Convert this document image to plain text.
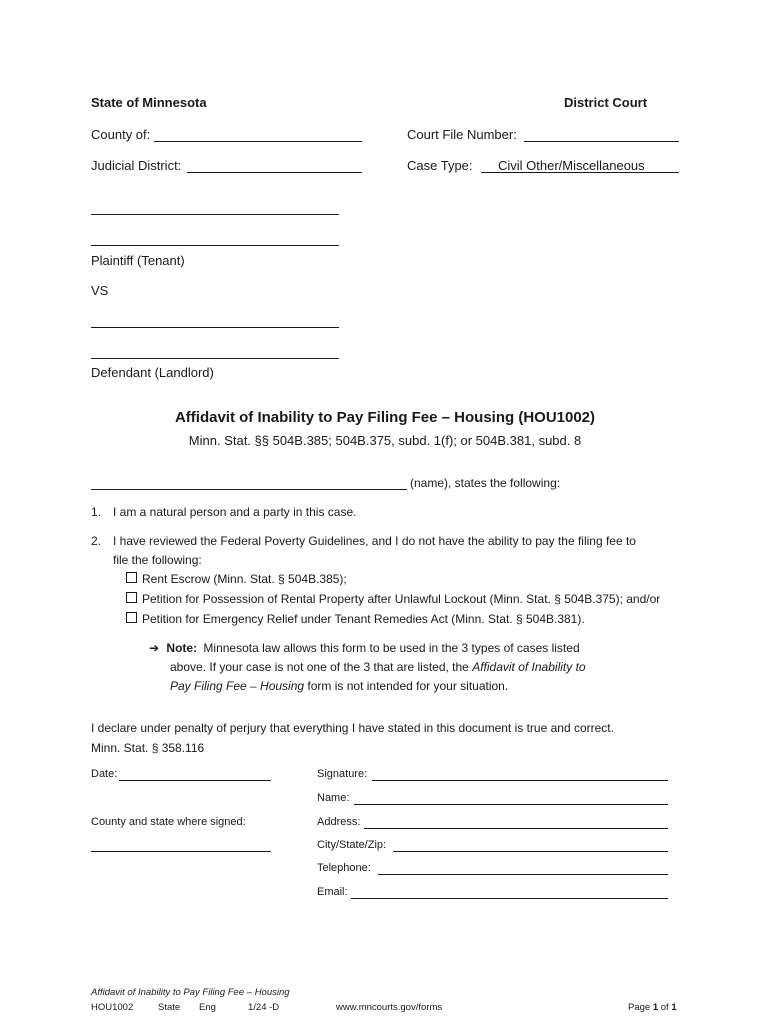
State of Minnesota	District Court
County of:	Court File Number:
Judicial District:	Case Type: Civil Other/Miscellaneous
Plaintiff (Tenant)
VS
Defendant (Landlord)
Affidavit of Inability to Pay Filing Fee – Housing (HOU1002)
Minn. Stat. §§ 504B.385; 504B.375, subd. 1(f); or 504B.381, subd. 8
(name), states the following:
1. I am a natural person and a party in this case.
2. I have reviewed the Federal Poverty Guidelines, and I do not have the ability to pay the filing fee to
file the following:
Rent Escrow (Minn. Stat. § 504B.385);
Petition for Possession of Rental Property after Unlawful Lockout (Minn. Stat. § 504B.375); and/or
Petition for Emergency Relief under Tenant Remedies Act (Minn. Stat. § 504B.381).
➔ Note: Minnesota law allows this form to be used in the 3 types of cases listed
above. If your case is not one of the 3 that are listed, the Affidavit of Inability to
Pay Filing Fee – Housing form is not intended for your situation.
I declare under penalty of perjury that everything I have stated in this document is true and correct.
Minn. Stat. § 358.116
Date:
County and state where signed:
Signature:
Name:
Address:
City/State/Zip:
Telephone:
Email:
Affidavit of Inability to Pay Filing Fee – Housing
HOU1002	State Eng	1/24 -D	www.mncourts.gov/forms	Page 1 of 1
